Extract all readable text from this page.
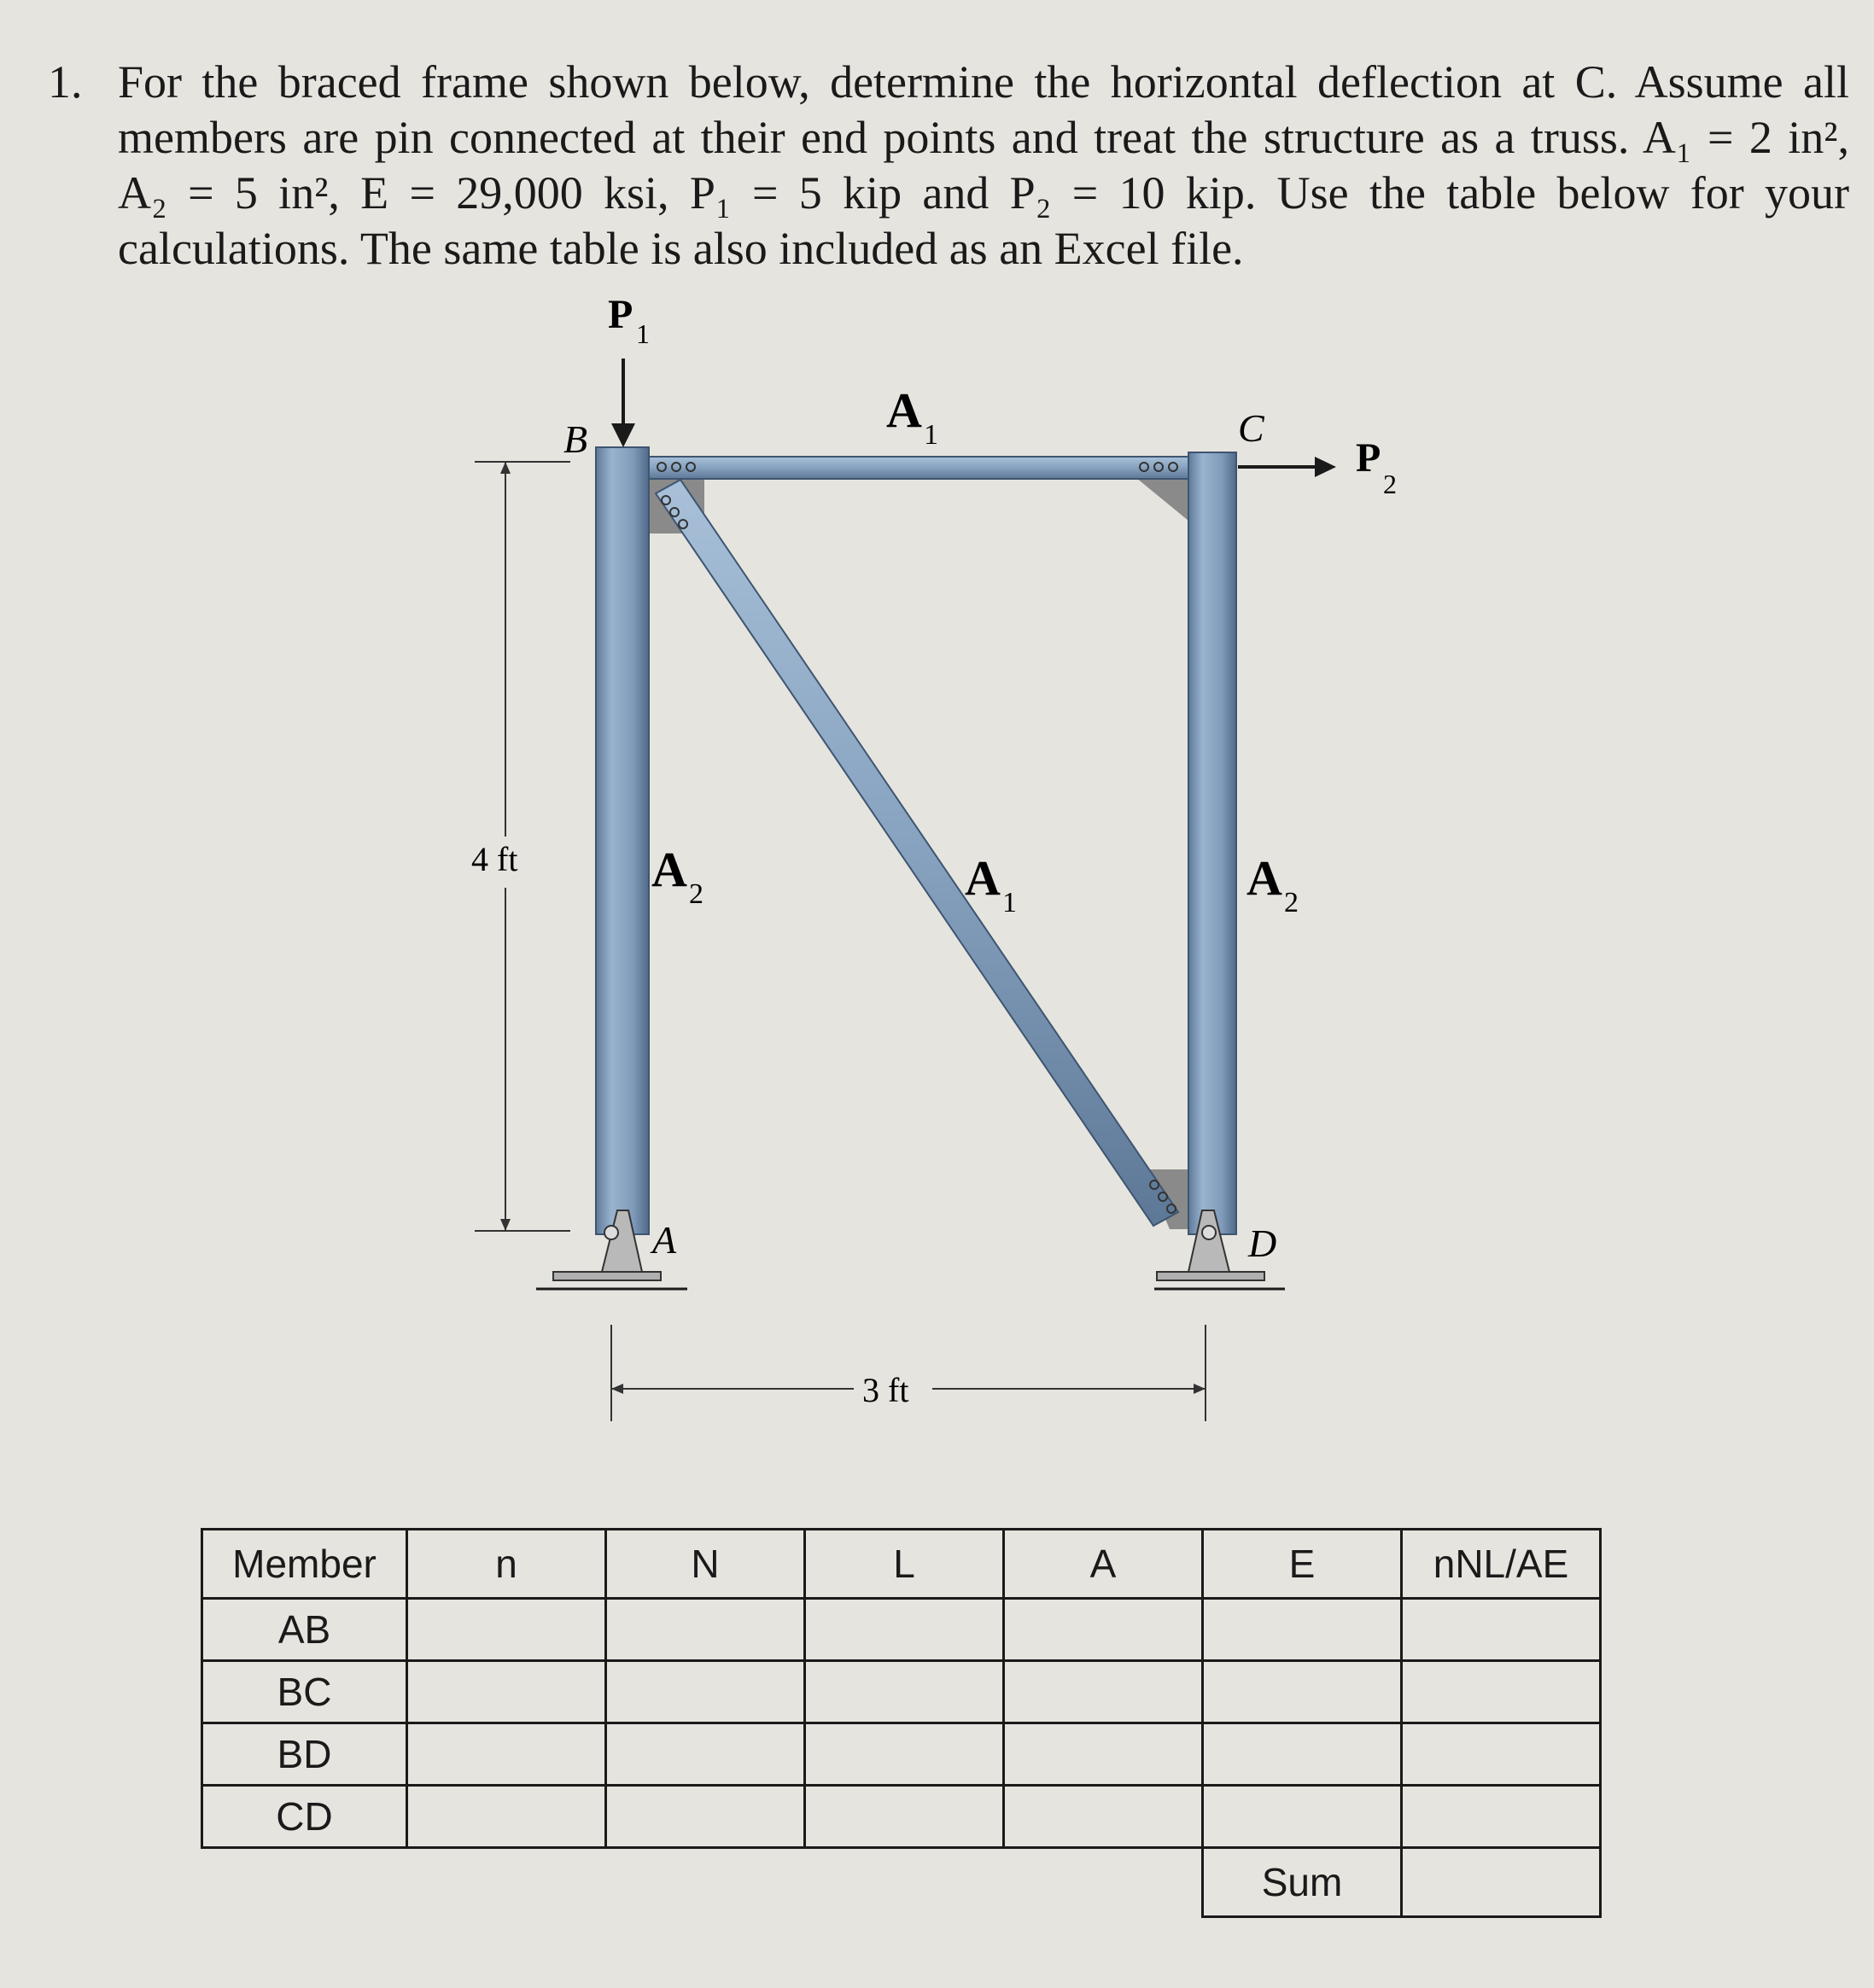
1. For the braced frame shown below, determine the horizontal deflection at C. Assume all
members are pin connected at their end points and treat the structure as a truss. A₁ = 2 in²,
A₂ = 5 in², E = 29,000 ksi, P₁ = 5 kip and P₂ = 10 kip. Use the table below for your
calculations. The same table is also included as an Excel file.
P 1
P
2
B	C
A	D
A 1
A 2	A 1	A 2
4 ft
3 ft
Member	n	N	L	A	E	nNL/AE
AB						
BC						
BD						
CD						
					Sum	
